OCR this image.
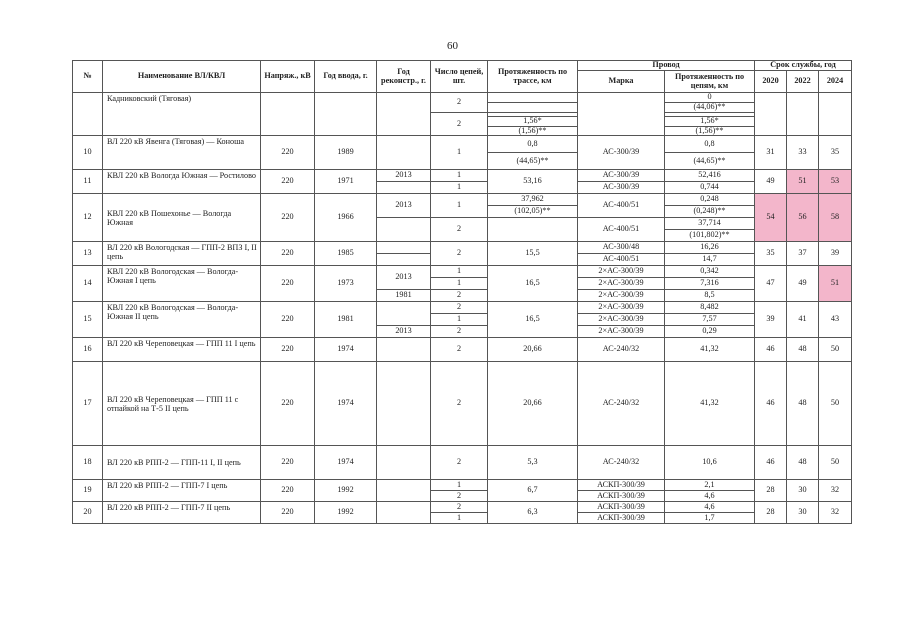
60
№	Наименование ВЛ/КВЛ	Напряж., кВ	Год ввода, г.	Год реконстр., г.	Число цепей, шт.	Протяженность по трассе, км	Провод		Срок службы, год		
							Марка	Протяженность по цепям, км	2020	2022	2024
	Кадниковский (Тяговая)				2			0			
								(44,06)**			
					2						
						1,56*		1,56*			
						(1,56)**		(1,56)**			
10	ВЛ 220 кВ Явенга (Тяговая) — Коноша	220	1989		1	0,8	АС-300/39	0,8	31	33	35
						(44,65)**		(44,65)**			
11	КВЛ 220 кВ Вологда Южная — Ростилово	220	1971	2013	1	53,16	АС-300/39	52,416	49	51	53
					1		АС-300/39	0,744			
12	КВЛ 220 кВ Пошехонье — Вологда Южная	220	1966	2013	1	37,962	АС-400/51	0,248	54	56	58
						(102,05)**		(0,248)**			
					2		АС-400/51	37,714			
								(101,802)**			
13	ВЛ 220 кВ Вологодская — ГПП-2 ВПЗ I, II цепь	220	1985		2	15,5	АС-300/48	16,26	35	37	39
							АС-400/51	14,7			
14	КВЛ 220 кВ Вологодская — Вологда-Южная I цепь	220	1973	2013	1	16,5	2×АС-300/39	0,342	47	49	51
					1		2×АС-300/39	7,316			
				1981	2		2×АС-300/39	8,5			
15	КВЛ 220 кВ Вологодская — Вологда-Южная II цепь	220	1981		2	16,5	2×АС-300/39	8,482	39	41	43
					1		2×АС-300/39	7,57			
				2013	2		2×АС-300/39	0,29			
16	ВЛ 220 кВ Череповецкая — ГПП 11 I цепь	220	1974		2	20,66	АС-240/32	41,32	46	48	50
17	ВЛ 220 кВ Череповецкая — ГПП 11 с отпайкой на Т-5 II цепь	220	1974		2	20,66	АС-240/32	41,32	46	48	50
18	ВЛ 220 кВ РПП-2 — ГПП-11 I, II цепь	220	1974		2	5,3	АС-240/32	10,6	46	48	50
19	ВЛ 220 кВ РПП-2 — ГПП-7 I цепь	220	1992		1	6,7	АСКП-300/39	2,1	28	30	32
					2		АСКП-300/39	4,6			
20	ВЛ 220 кВ РПП-2 — ГПП-7 II цепь	220	1992		2	6,3	АСКП-300/39	4,6	28	30	32
					1		АСКП-300/39	1,7			
